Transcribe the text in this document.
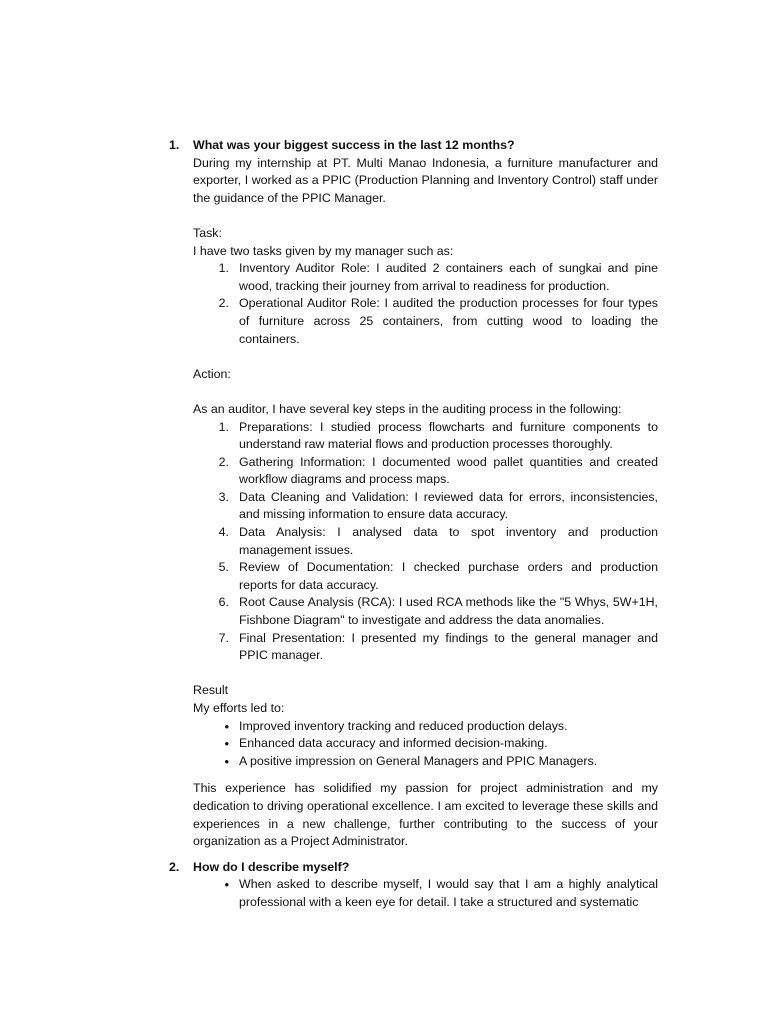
1.	What was your biggest success in the last 12 months?

During my internship at PT. Multi Manao Indonesia, a furniture manufacturer and exporter, I worked as a PPIC (Production Planning and Inventory Control) staff under the guidance of the PPIC Manager.

Task:

I have two tasks given by my manager such as:

1. Inventory Auditor Role: I audited 2 containers each of sungkai and pine wood, tracking their journey from arrival to readiness for production.
2. Operational Auditor Role: I audited the production processes for four types of furniture across 25 containers, from cutting wood to loading the containers.

Action:

As an auditor, I have several key steps in the auditing process in the following:

1. Preparations: I studied process flowcharts and furniture components to understand raw material flows and production processes thoroughly.
2. Gathering Information: I documented wood pallet quantities and created workflow diagrams and process maps.
3. Data Cleaning and Validation: I reviewed data for errors, inconsistencies, and missing information to ensure data accuracy.
4. Data Analysis: I analysed data to spot inventory and production management issues.
5. Review of Documentation: I checked purchase orders and production reports for data accuracy.
6. Root Cause Analysis (RCA): I used RCA methods like the "5 Whys, 5W+1H, Fishbone Diagram" to investigate and address the data anomalies.
7. Final Presentation: I presented my findings to the general manager and PPIC manager.

Result

My efforts led to:

• Improved inventory tracking and reduced production delays.
• Enhanced data accuracy and informed decision-making.
• A positive impression on General Managers and PPIC Managers.

This experience has solidified my passion for project administration and my dedication to driving operational excellence. I am excited to leverage these skills and experiences in a new challenge, further contributing to the success of your organization as a Project Administrator.

2.	How do I describe myself?
• When asked to describe myself, I would say that I am a highly analytical professional with a keen eye for detail. I take a structured and systematic
